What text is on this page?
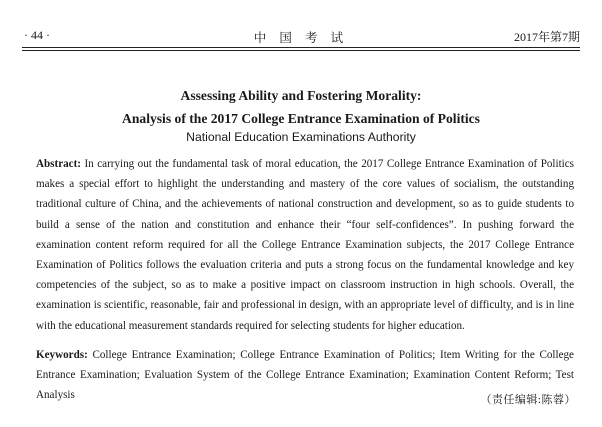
· 44 ·	中 国 考 试	2017年第7期
Assessing Ability and Fostering Morality:
Analysis of the 2017 College Entrance Examination of Politics
National Education Examinations Authority
Abstract: In carrying out the fundamental task of moral education, the 2017 College Entrance Examination of Politics makes a special effort to highlight the understanding and mastery of the core values of socialism, the outstanding traditional culture of China, and the achievements of national construction and development, so as to guide students to build a sense of the nation and constitution and enhance their “four self-confidences”. In pushing forward the examination content reform required for all the College Entrance Examination subjects, the 2017 College Entrance Examination of Politics follows the evaluation criteria and puts a strong focus on the fundamental knowledge and key competencies of the subject, so as to make a positive impact on classroom instruction in high schools. Overall, the examination is scientific, reasonable, fair and professional in design, with an appropriate level of difficulty, and is in line with the educational measurement standards required for selecting students for higher education.
Keywords: College Entrance Examination; College Entrance Examination of Politics; Item Writing for the College Entrance Examination; Evaluation System of the College Entrance Examination; Examination Content Reform; Test Analysis	（责任编辑:陈蓉）
